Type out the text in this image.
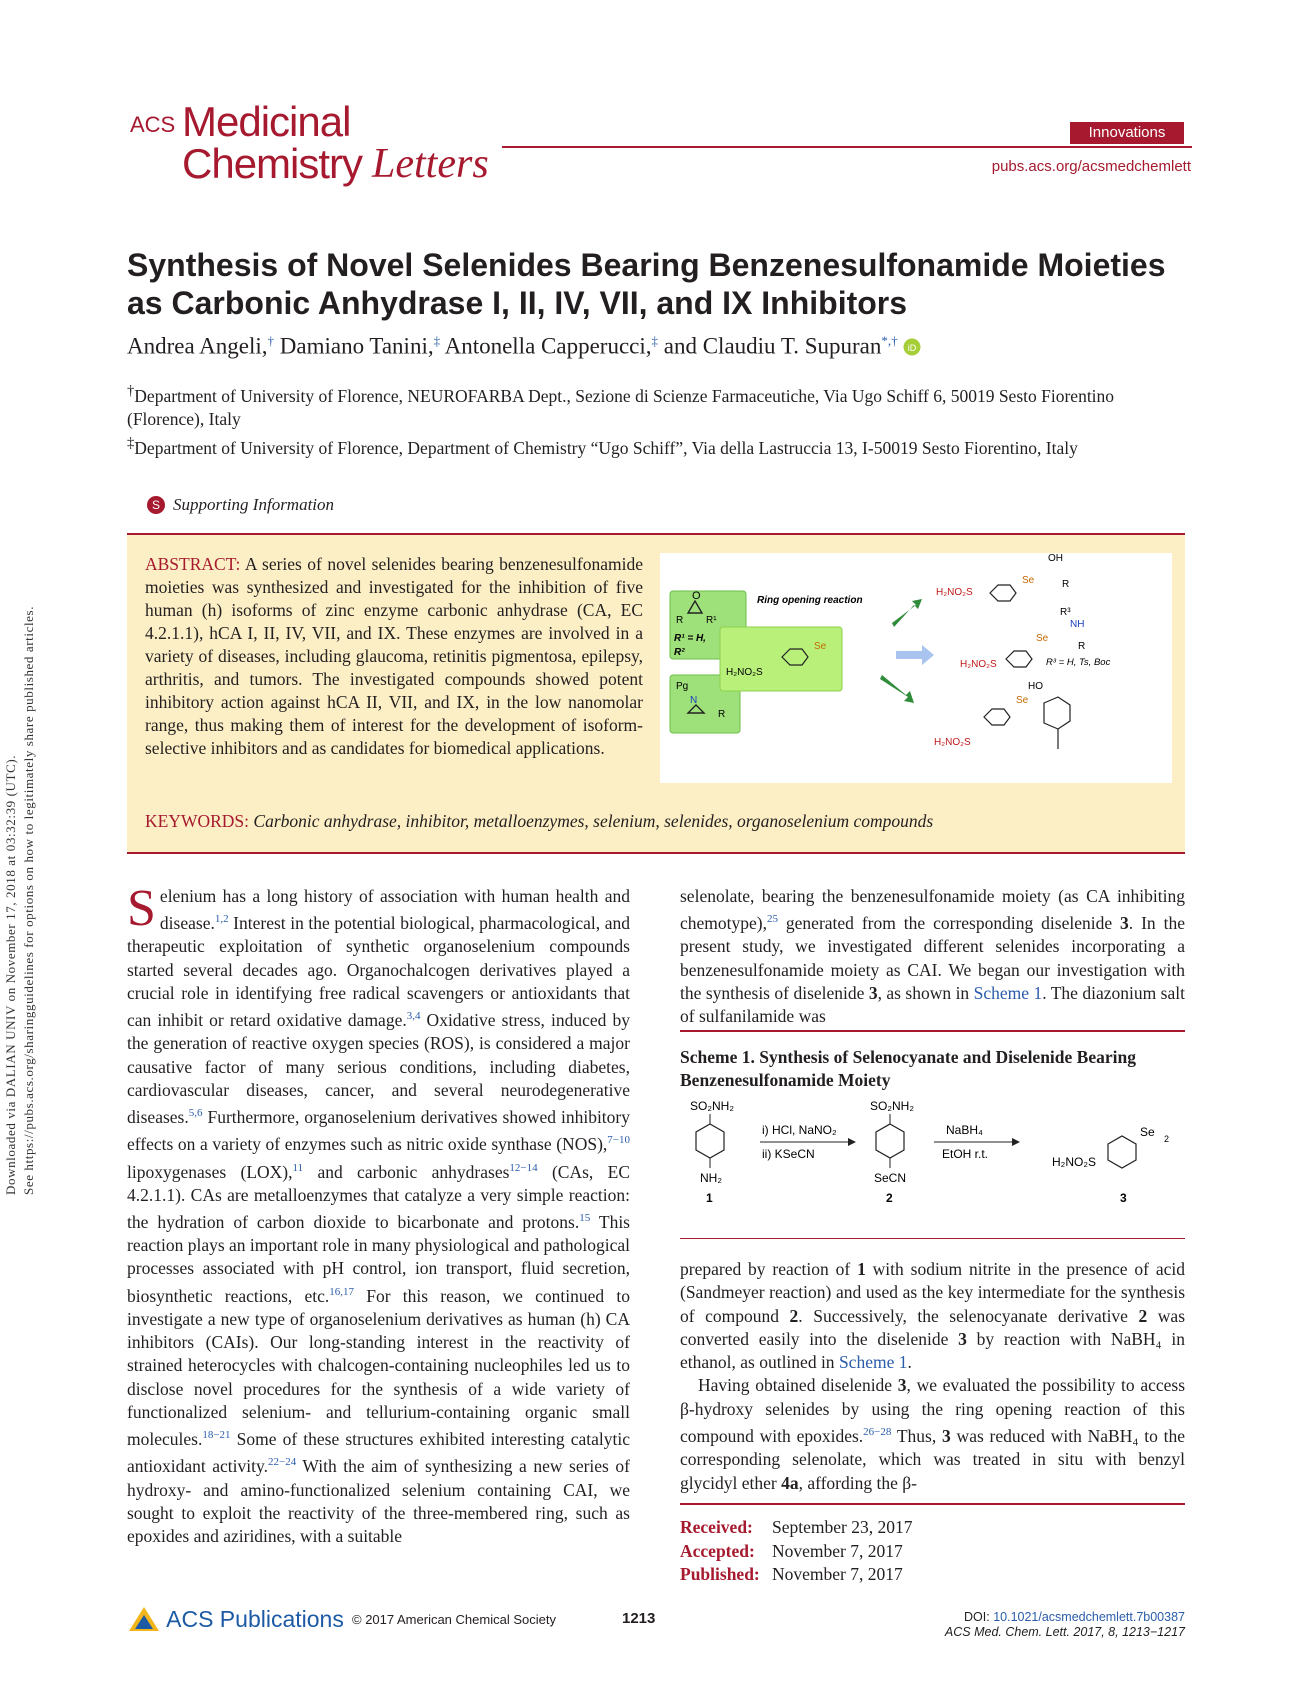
Downloaded via DALIAN UNIV on November 17, 2018 at 03:32:39 (UTC). See https://pubs.acs.org/sharingguidelines for options on how to legitimately share published articles.
ACS Medicinal
Chemistry Letters
Innovations
pubs.acs.org/acsmedchemlett
Synthesis of Novel Selenides Bearing Benzenesulfonamide Moieties as Carbonic Anhydrase I, II, IV, VII, and IX Inhibitors
Andrea Angeli,† Damiano Tanini,‡ Antonella Capperucci,‡ and Claudiu T. Supuran*,† iD
†Department of University of Florence, NEUROFARBA Dept., Sezione di Scienze Farmaceutiche, Via Ugo Schiff 6, 50019 Sesto Fiorentino (Florence), Italy
‡Department of University of Florence, Department of Chemistry “Ugo Schiff”, Via della Lastruccia 13, I-50019 Sesto Fiorentino, Italy
S Supporting Information
ABSTRACT: A series of novel selenides bearing benzenesulfonamide moieties was synthesized and investigated for the inhibition of five human (h) isoforms of zinc enzyme carbonic anhydrase (CA, EC 4.2.1.1), hCA I, II, IV, VII, and IX. These enzymes are involved in a variety of diseases, including glaucoma, retinitis pigmentosa, epilepsy, arthritis, and tumors. The investigated compounds showed potent inhibitory action against hCA II, VII, and IX, in the low nanomolar range, thus making them of interest for the development of isoform-selective inhibitors and as candidates for biomedical applications.
KEYWORDS: Carbonic anhydrase, inhibitor, metalloenzymes, selenium, selenides, organoselenium compounds
O
R R¹
R¹ = H,
R²
Pg
N
R
H₂NO₂S
Se
Ring opening reaction
H₂NO₂S
Se
OH
R
R³
NH
Se
R
H₂NO₂S	R³ = H, Ts, Boc
HO
Se
H₂NO₂S
Selenium has a long history of association with human health and disease.$^{1,2}$ Interest in the potential biological, pharmacological, and therapeutic exploitation of synthetic organoselenium compounds started several decades ago. Organochalcogen derivatives played a crucial role in identifying free radical scavengers or antioxidants that can inhibit or retard oxidative damage.$^{3,4}$ Oxidative stress, induced by the generation of reactive oxygen species (ROS), is considered a major causative factor of many serious conditions, including diabetes, cardiovascular diseases, cancer, and several neurodegenerative diseases.$^{5,6}$ Furthermore, organoselenium derivatives showed inhibitory effects on a variety of enzymes such as nitric oxide synthase (NOS),$^{7-10}$ lipoxygenases (LOX),$^{11}$ and carbonic anhydrases$^{12-14}$ (CAs, EC 4.2.1.1). CAs are metalloenzymes that catalyze a very simple reaction: the hydration of carbon dioxide to bicarbonate and protons.$^{15}$ This reaction plays an important role in many physiological and pathological processes associated with pH control, ion transport, fluid secretion, biosynthetic reactions, etc.$^{16,17}$ For this reason, we continued to investigate a new type of organoselenium derivatives as human (h) CA inhibitors (CAIs). Our long-standing interest in the reactivity of strained heterocycles with chalcogen-containing nucleophiles led us to disclose novel procedures for the synthesis of a wide variety of functionalized selenium- and tellurium-containing organic small molecules.$^{18-21}$ Some of these structures exhibited interesting catalytic antioxidant activity.$^{22-24}$ With the aim of synthesizing a new series of hydroxy- and amino-functionalized selenium containing CAI, we sought to exploit the reactivity of the three-membered ring, such as epoxides and aziridines, with a suitable
selenolate, bearing the benzenesulfonamide moiety (as CA inhibiting chemotype),$^{25}$ generated from the corresponding diselenide 3. In the present study, we investigated different selenides incorporating a benzenesulfonamide moiety as CAI. We began our investigation with the synthesis of diselenide 3, as shown in Scheme 1. The diazonium salt of sulfanilamide was
Scheme 1. Synthesis of Selenocyanate and Diselenide Bearing Benzenesulfonamide Moiety
SO₂NH₂
NH₂
1
i) HCl, NaNO₂
ii) KSeCN
SO₂NH₂
SeCN
2
NaBH₄
EtOH r.t.
H₂NO₂S
Se 2
3
prepared by reaction of 1 with sodium nitrite in the presence of acid (Sandmeyer reaction) and used as the key intermediate for the synthesis of compound 2. Successively, the selenocyanate derivative 2 was converted easily into the diselenide 3 by reaction with NaBH₄ in ethanol, as outlined in Scheme 1.
Having obtained diselenide 3, we evaluated the possibility to access β-hydroxy selenides by using the ring opening reaction of this compound with epoxides.$^{26-28}$ Thus, 3 was reduced with NaBH₄ to the corresponding selenolate, which was treated in situ with benzyl glycidyl ether 4a, affording the β-
Received: September 23, 2017
Accepted: November 7, 2017
Published: November 7, 2017
ACS Publications © 2017 American Chemical Society	1213	DOI: 10.1021/acsmedchemlett.7b00387
ACS Med. Chem. Lett. 2017, 8, 1213−1217
